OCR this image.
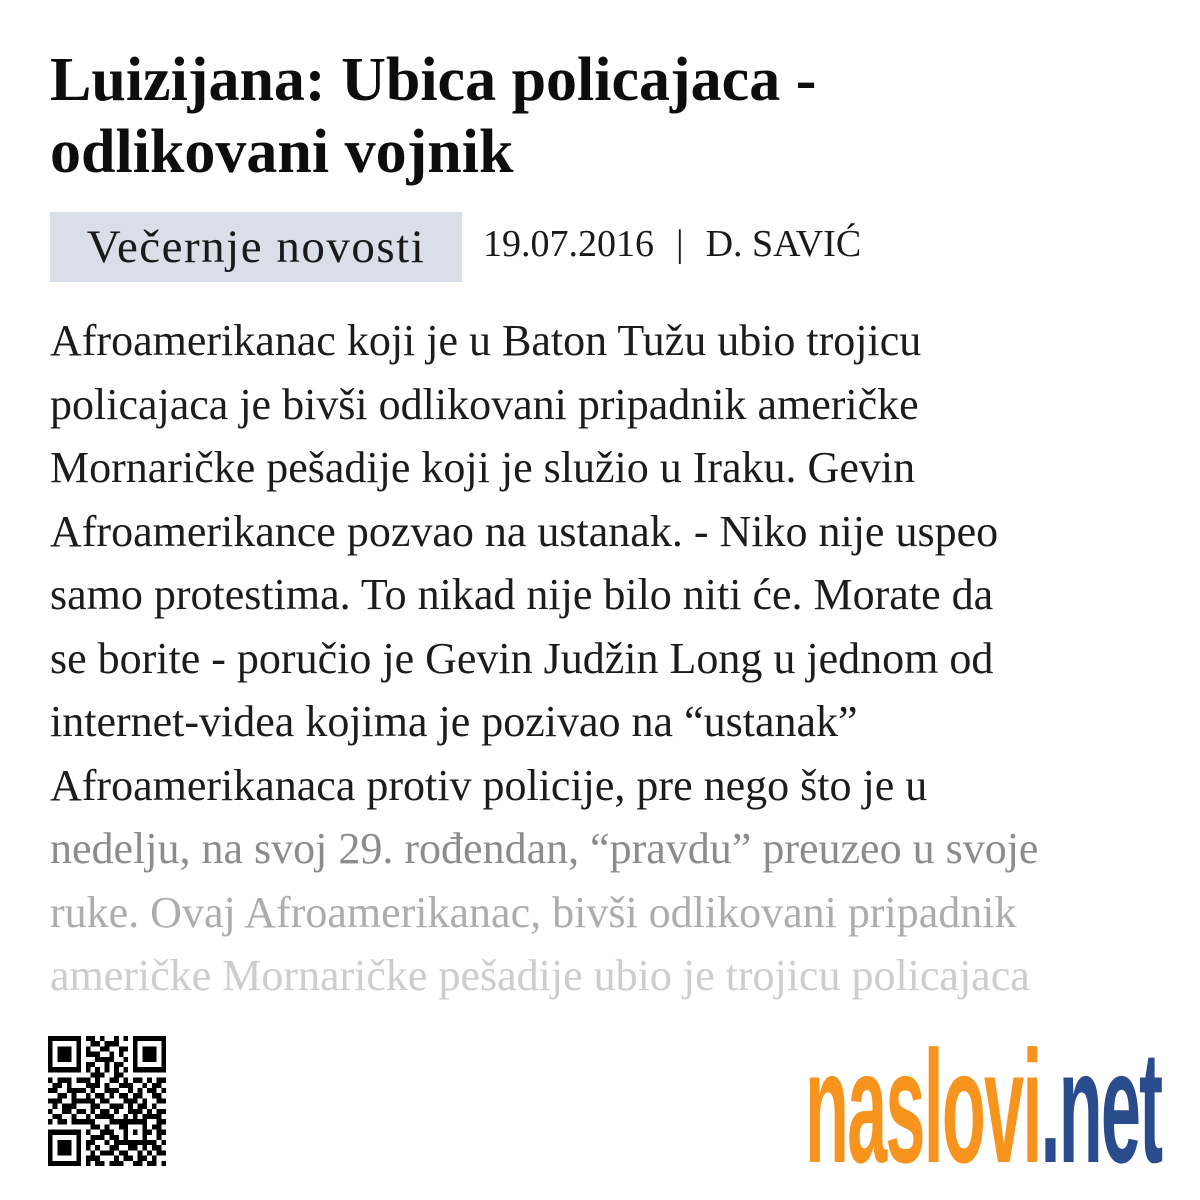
Luizijana: Ubica policajaca -
odlikovani vojnik
Večernje novosti 19.07.2016 | D. SAVIĆ
Afroamerikanac koji je u Baton Tužu ubio trojicu
policajaca je bivši odlikovani pripadnik američke
Mornaričke pešadije koji je služio u Iraku. Gevin
Afroamerikance pozvao na ustanak. - Niko nije uspeo
samo protestima. To nikad nije bilo niti će. Morate da
se borite - poručio je Gevin Judžin Long u jednom od
internet-videa kojima je pozivao na “ustanak”
Afroamerikanaca protiv policije, pre nego što je u
nedelju, na svoj 29. rođendan, “pravdu” preuzeo u svoje
ruke. Ovaj Afroamerikanac, bivši odlikovani pripadnik
američke Mornaričke pešadije ubio je trojicu policajaca
naslovi.net
